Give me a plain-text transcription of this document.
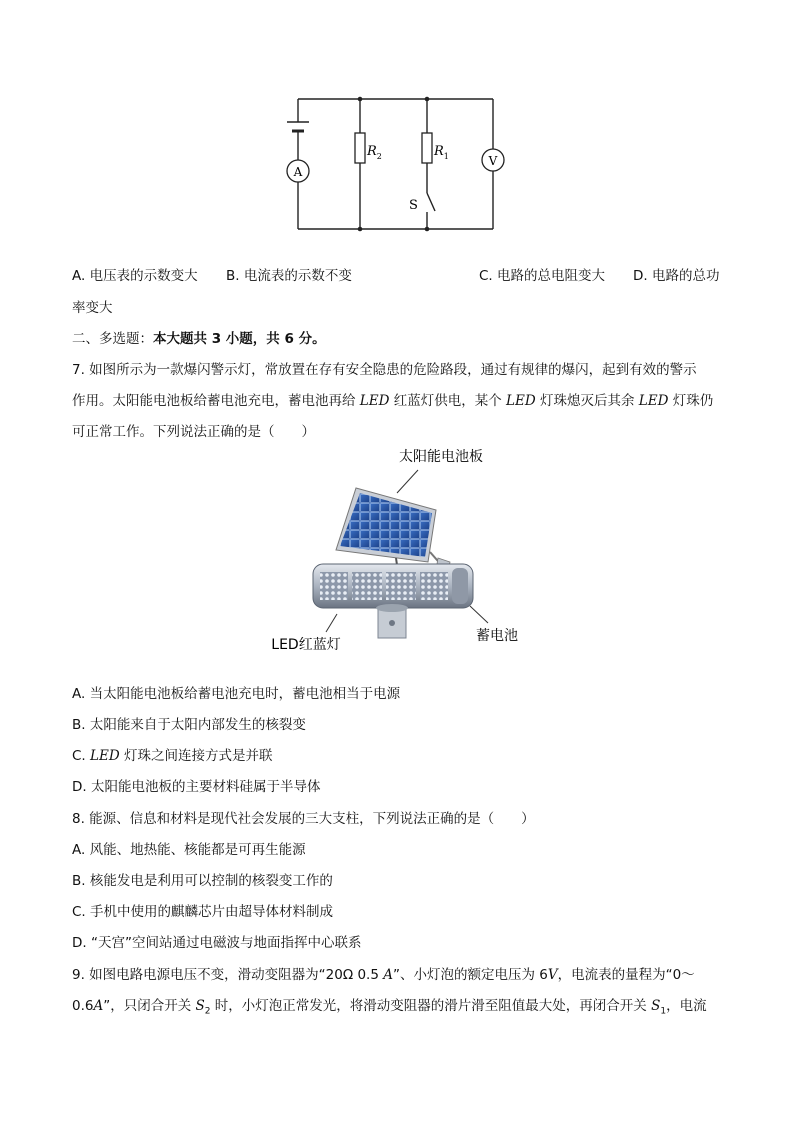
A
$R_2$	$R_1$
S
V
A. 电压表的示数变大 B. 电流表的示数不变	C. 电路的总电阻变大 D. 电路的总功
率变大
二、多选题：本大题共 3 小题，共 6 分。
7. 如图所示为一款爆闪警示灯，常放置在存有安全隐患的危险路段，通过有规律的爆闪，起到有效的警示
作用。太阳能电池板给蓄电池充电，蓄电池再给 LED 红蓝灯供电，某个 LED 灯珠熄灭后其余 LED 灯珠仍
可正常工作。下列说法正确的是（　　）
太阳能电池板
LED红蓝灯
蓄电池
A. 当太阳能电池板给蓄电池充电时，蓄电池相当于电源
B. 太阳能来自于太阳内部发生的核裂变
C. LED 灯珠之间连接方式是并联
D. 太阳能电池板的主要材料硅属于半导体
8. 能源、信息和材料是现代社会发展的三大支柱，下列说法正确的是（　　）
A. 风能、地热能、核能都是可再生能源
B. 核能发电是利用可以控制的核裂变工作的
C. 手机中使用的麒麟芯片由超导体材料制成
D. “天宫”空间站通过电磁波与地面指挥中心联系
9. 如图电路电源电压不变，滑动变阻器为“20Ω 0.5 A”、小灯泡的额定电压为 6V，电流表的量程为“0～
0.6A”，只闭合开关 $S_2$ 时，小灯泡正常发光，将滑动变阻器的滑片滑至阻值最大处，再闭合开关 $S_1$，电流
